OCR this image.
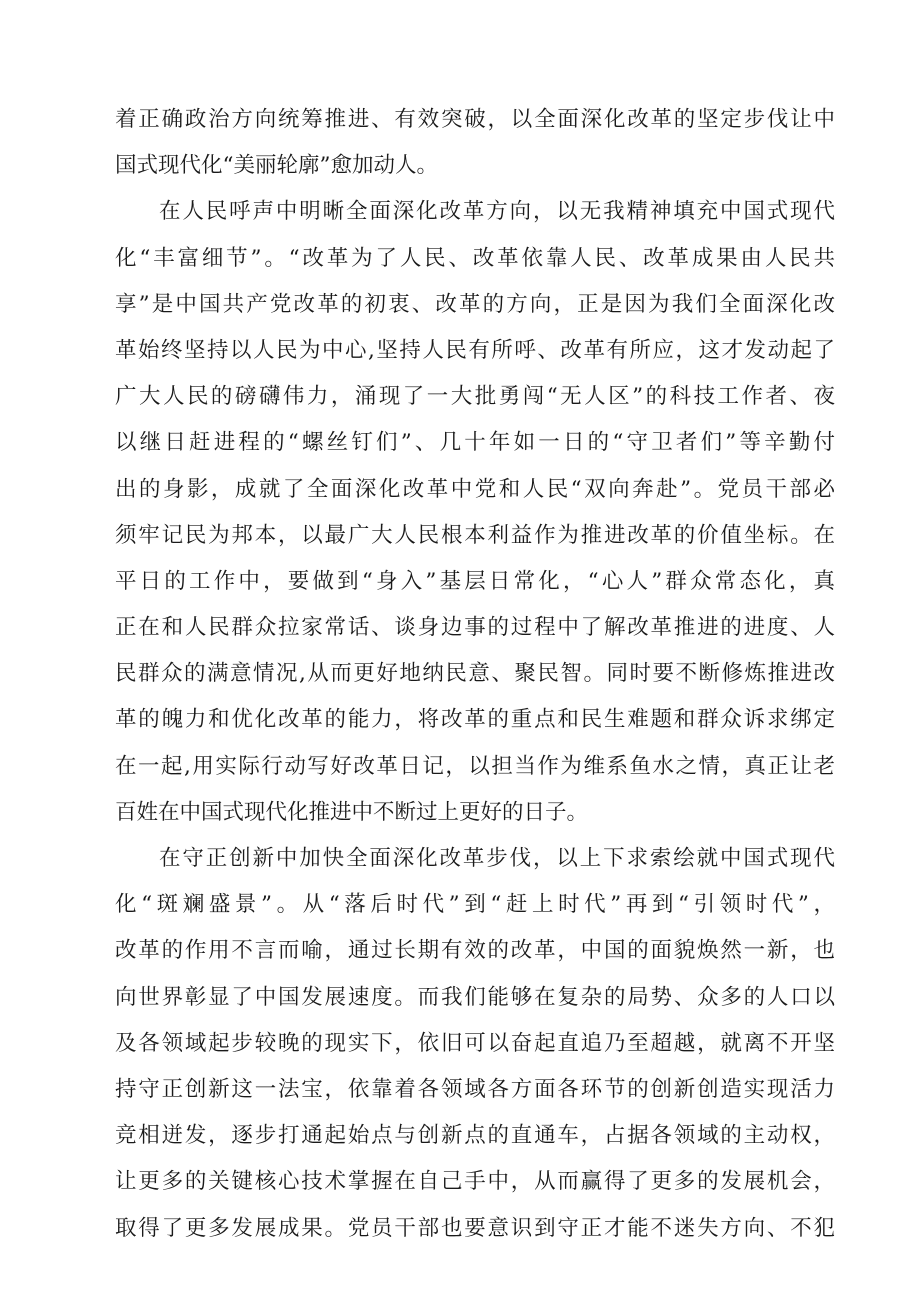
着正确政治方向统筹推进、有效突破，以全面深化改革的坚定步伐让中
国式现代化“美丽轮廓”愈加动人。
在人民呼声中明晰全面深化改革方向，以无我精神填充中国式现代
化“丰富细节”。“改革为了人民、改革依靠人民、改革成果由人民共
享”是中国共产党改革的初衷、改革的方向，正是因为我们全面深化改
革始终坚持以人民为中心,坚持人民有所呼、改革有所应，这才发动起了
广大人民的磅礴伟力，涌现了一大批勇闯“无人区”的科技工作者、夜
以继日赶进程的“螺丝钉们”、几十年如一日的“守卫者们”等辛勤付
出的身影，成就了全面深化改革中党和人民“双向奔赴”。党员干部必
须牢记民为邦本，以最广大人民根本利益作为推进改革的价值坐标。在
平日的工作中，要做到“身入”基层日常化，“心人”群众常态化，真
正在和人民群众拉家常话、谈身边事的过程中了解改革推进的进度、人
民群众的满意情况,从而更好地纳民意、聚民智。同时要不断修炼推进改
革的魄力和优化改革的能力，将改革的重点和民生难题和群众诉求绑定
在一起,用实际行动写好改革日记，以担当作为维系鱼水之情，真正让老
百姓在中国式现代化推进中不断过上更好的日子。
在守正创新中加快全面深化改革步伐，以上下求索绘就中国式现代
化“斑斓盛景”。从“落后时代”到“赶上时代”再到“引领时代”，
改革的作用不言而喻，通过长期有效的改革，中国的面貌焕然一新，也
向世界彰显了中国发展速度。而我们能够在复杂的局势、众多的人口以
及各领域起步较晚的现实下，依旧可以奋起直追乃至超越，就离不开坚
持守正创新这一法宝，依靠着各领域各方面各环节的创新创造实现活力
竞相迸发，逐步打通起始点与创新点的直通车，占据各领域的主动权，
让更多的关键核心技术掌握在自己手中，从而赢得了更多的发展机会，
取得了更多发展成果。党员干部也要意识到守正才能不迷失方向、不犯
